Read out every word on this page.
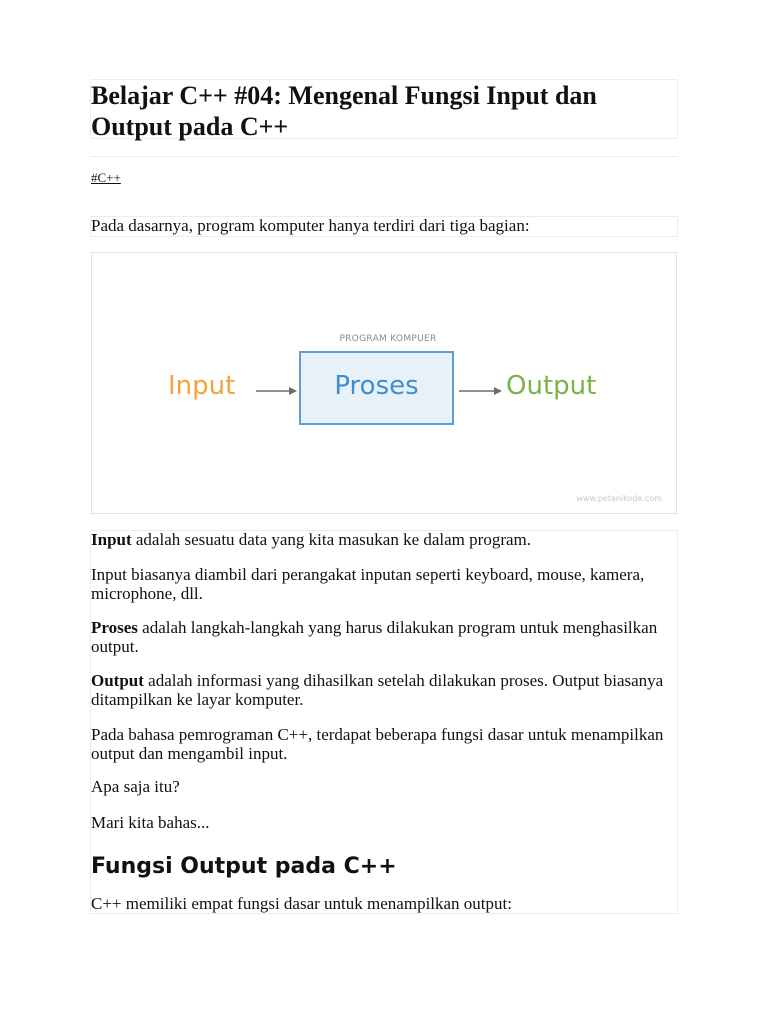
Belajar C++ #04: Mengenal Fungsi Input dan Output pada C++
#C++

Pada dasarnya, program komputer hanya terdiri dari tiga bagian:

PROGRAM KOMPUER
Input	Proses	Output
www.petanikode.com

Input adalah sesuatu data yang kita masukan ke dalam program.

Input biasanya diambil dari perangakat inputan seperti keyboard, mouse, kamera, microphone, dll.

Proses adalah langkah-langkah yang harus dilakukan program untuk menghasilkan output.

Output adalah informasi yang dihasilkan setelah dilakukan proses. Output biasanya ditampilkan ke layar komputer.

Pada bahasa pemrograman C++, terdapat beberapa fungsi dasar untuk menampilkan output dan mengambil input.

Apa saja itu?

Mari kita bahas...

Fungsi Output pada C++

C++ memiliki empat fungsi dasar untuk menampilkan output:
